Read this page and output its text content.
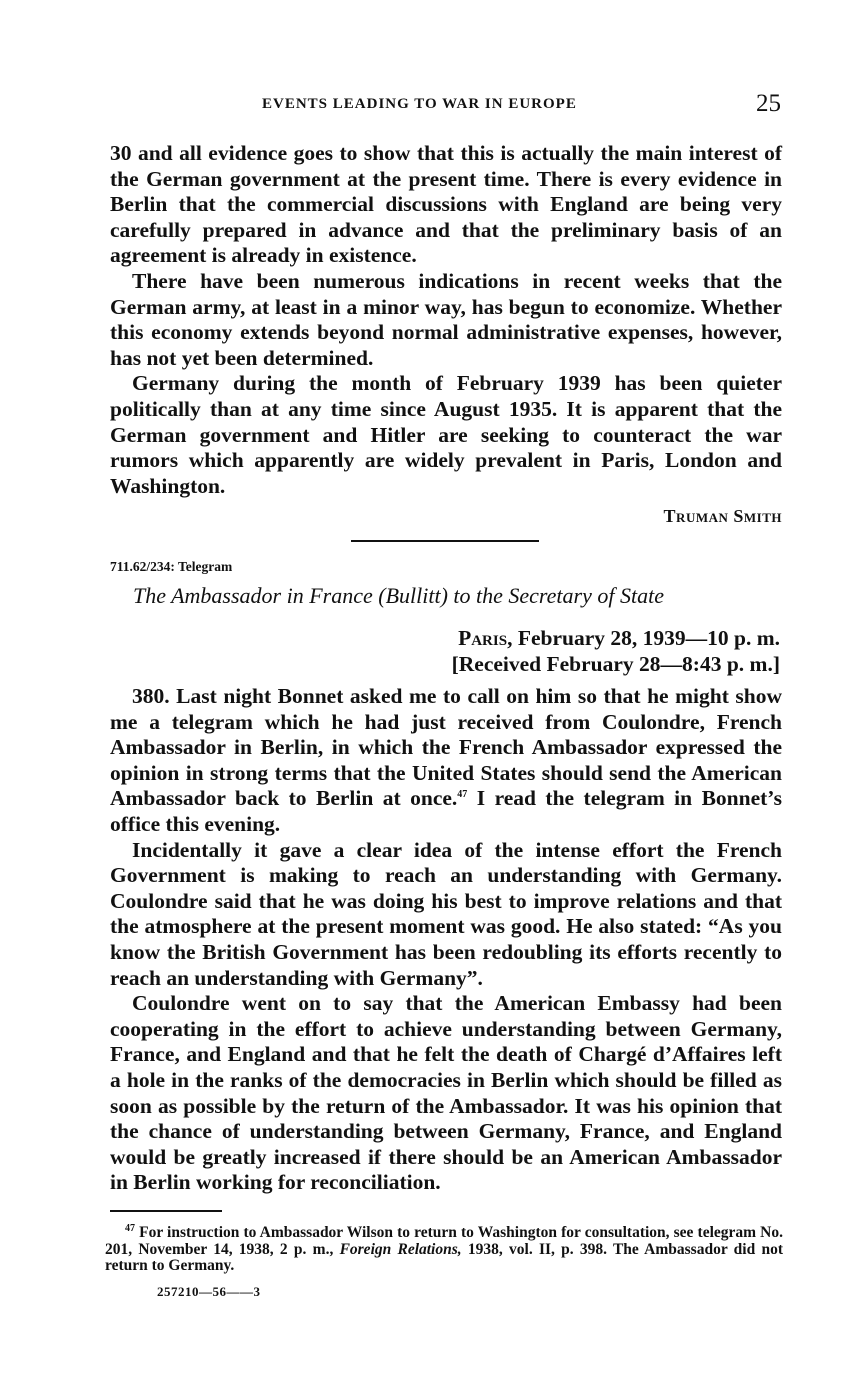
EVENTS LEADING TO WAR IN EUROPE	25

30 and all evidence goes to show that this is actually the main interest of the German government at the present time. There is every evidence in Berlin that the commercial discussions with England are being very carefully prepared in advance and that the preliminary basis of an agreement is already in existence.

There have been numerous indications in recent weeks that the German army, at least in a minor way, has begun to economize. Whether this economy extends beyond normal administrative expenses, however, has not yet been determined.

Germany during the month of February 1939 has been quieter politically than at any time since August 1935. It is apparent that the German government and Hitler are seeking to counteract the war rumors which apparently are widely prevalent in Paris, London and Washington.

Truman Smith
711.62/234: Telegram
The Ambassador in France (Bullitt) to the Secretary of State
Paris, February 28, 1939—10 p. m.
[Received February 28—8:43 p. m.]

380. Last night Bonnet asked me to call on him so that he might show me a telegram which he had just received from Coulondre, French Ambassador in Berlin, in which the French Ambassador expressed the opinion in strong terms that the United States should send the American Ambassador back to Berlin at once.$^{47}$ I read the telegram in Bonnet’s office this evening.

Incidentally it gave a clear idea of the intense effort the French Government is making to reach an understanding with Germany. Coulondre said that he was doing his best to improve relations and that the atmosphere at the present moment was good. He also stated: “As you know the British Government has been redoubling its efforts recently to reach an understanding with Germany”.

Coulondre went on to say that the American Embassy had been cooperating in the effort to achieve understanding between Germany, France, and England and that he felt the death of Chargé d’Affaires left a hole in the ranks of the democracies in Berlin which should be filled as soon as possible by the return of the Ambassador. It was his opinion that the chance of understanding between Germany, France, and England would be greatly increased if there should be an American Ambassador in Berlin working for reconciliation.

$^{47}$ For instruction to Ambassador Wilson to return to Washington for consultation, see telegram No. 201, November 14, 1938, 2 p. m., Foreign Relations, 1938, vol. II, p. 398. The Ambassador did not return to Germany.

257210—56——3
